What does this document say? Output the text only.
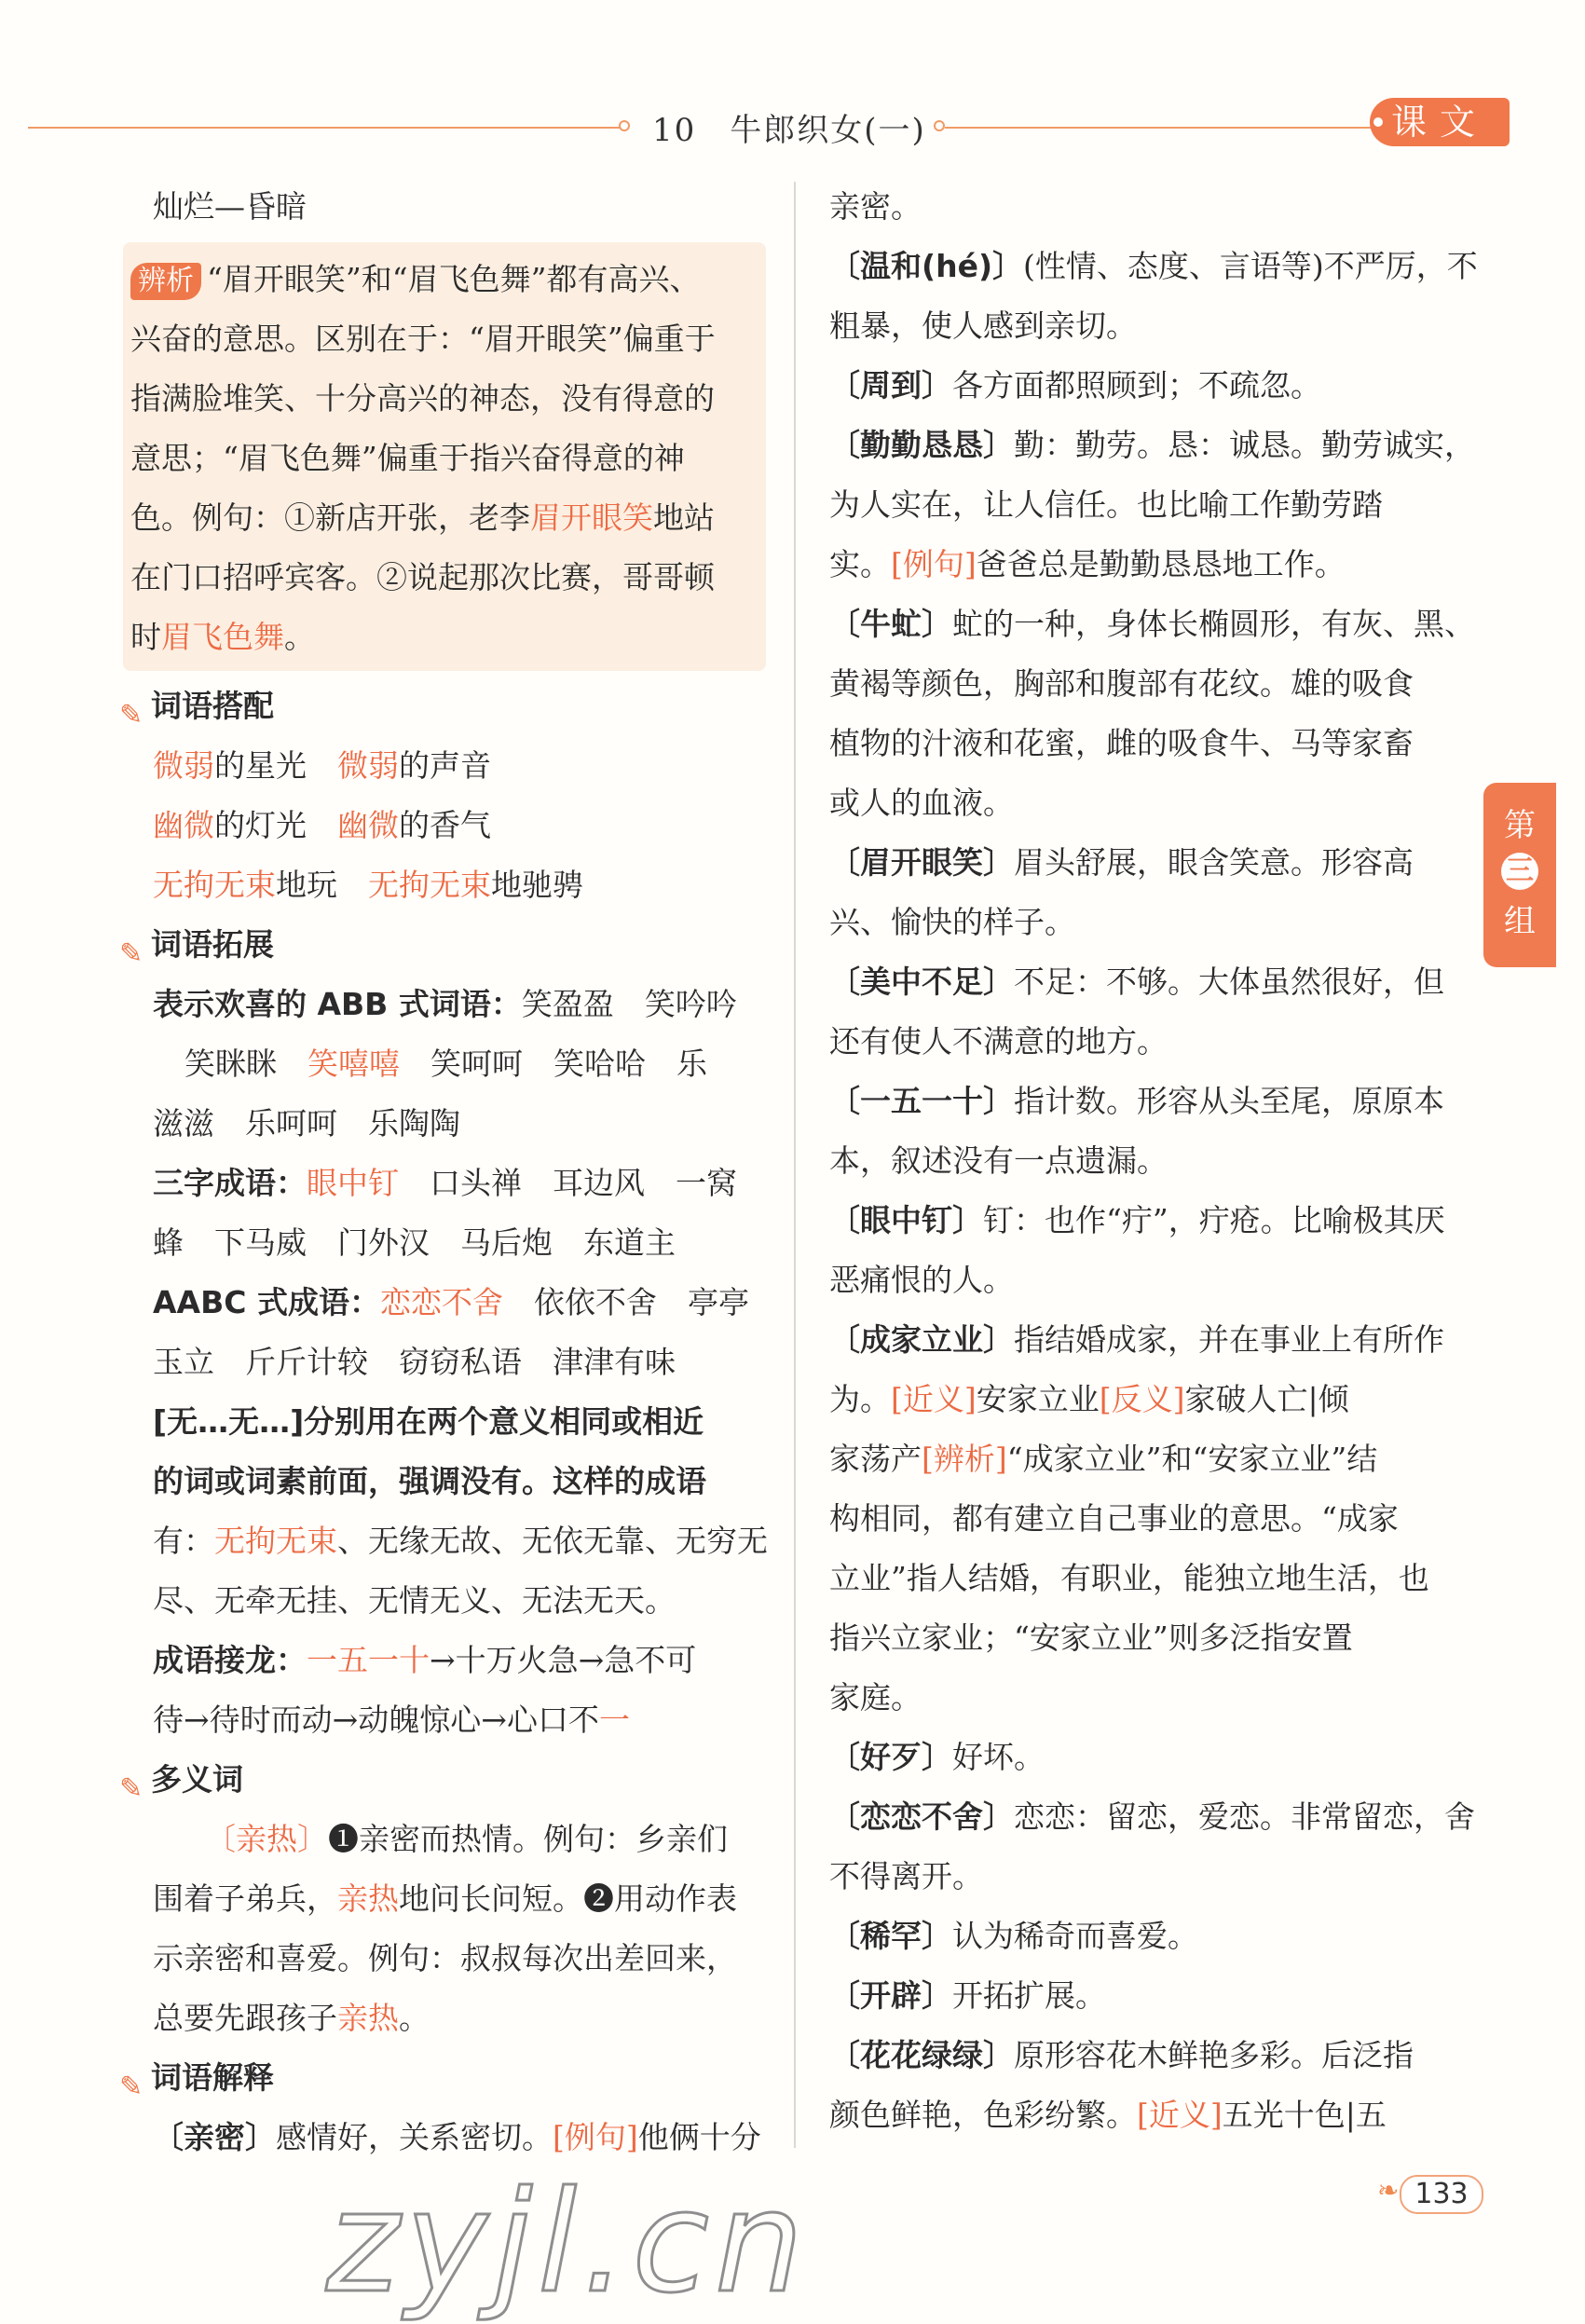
10　牛郎织女(一)	课文
灿烂—昏暗
辨析 “眉开眼笑”和“眉飞色舞”都有高兴、
兴奋的意思。区别在于：“眉开眼笑”偏重于
指满脸堆笑、十分高兴的神态，没有得意的
意思；“眉飞色舞”偏重于指兴奋得意的神
色。例句：①新店开张，老李眉开眼笑地站
在门口招呼宾客。②说起那次比赛，哥哥顿
时眉飞色舞。
✎ 词语搭配
微弱的星光　 微弱的声音
幽微的灯光　 幽微的香气
无拘无束地玩　 无拘无束地驰骋
✎ 词语拓展
表示欢喜的 ABB 式词语：笑盈盈　笑吟吟
笑眯眯　笑嘻嘻　笑呵呵　笑哈哈　乐
滋滋　乐呵呵　乐陶陶
三字成语：眼中钉　口头禅　耳边风　一窝
蜂　下马威　门外汉　马后炮　东道主
AABC 式成语：恋恋不舍　依依不舍　亭亭
玉立　斤斤计较　窃窃私语　津津有味
[无…无…]分别用在两个意义相同或相近
的词或词素前面，强调没有。这样的成语
有：无拘无束、无缘无故、无依无靠、无穷无
尽、无牵无挂、无情无义、无法无天。
成语接龙：一五一十→十万火急→急不可
待→待时而动→动魄惊心→心口不一
✎ 多义词
〔亲热〕❶亲密而热情。例句：乡亲们
围着子弟兵，亲热地问长问短。❷用动作表
示亲密和喜爱。例句：叔叔每次出差回来，
总要先跟孩子亲热。
✎ 词语解释
〔亲密〕感情好，关系密切。[例句]他俩十分
亲密。
〔温和(hé)〕(性情、态度、言语等)不严厉，不
粗暴，使人感到亲切。
〔周到〕各方面都照顾到；不疏忽。
〔勤勤恳恳〕勤：勤劳。恳：诚恳。勤劳诚实，
为人实在，让人信任。也比喻工作勤劳踏
实。[例句]爸爸总是勤勤恳恳地工作。
〔牛虻〕虻的一种，身体长椭圆形，有灰、黑、
黄褐等颜色，胸部和腹部有花纹。雄的吸食
植物的汁液和花蜜，雌的吸食牛、马等家畜
或人的血液。
〔眉开眼笑〕眉头舒展，眼含笑意。形容高
兴、愉快的样子。
〔美中不足〕不足：不够。大体虽然很好，但
还有使人不满意的地方。
〔一五一十〕指计数。形容从头至尾，原原本
本，叙述没有一点遗漏。
〔眼中钉〕钉：也作“疔”，疔疮。比喻极其厌
恶痛恨的人。
〔成家立业〕指结婚成家，并在事业上有所作
为。[近义]安家立业[反义]家破人亡|倾
家荡产[辨析]“成家立业”和“安家立业”结
构相同，都有建立自己事业的意思。“成家
立业”指人结婚，有职业，能独立地生活，也
指兴立家业；“安家立业”则多泛指安置
家庭。
〔好歹〕好坏。
〔恋恋不舍〕恋恋：留恋，爱恋。非常留恋，舍
不得离开。
〔稀罕〕认为稀奇而喜爱。
〔开辟〕开拓扩展。
〔花花绿绿〕原形容花木鲜艳多彩。后泛指
颜色鲜艳，色彩纷繁。[近义]五光十色|五
第
三
组
zyjl.cn	❧ 133
